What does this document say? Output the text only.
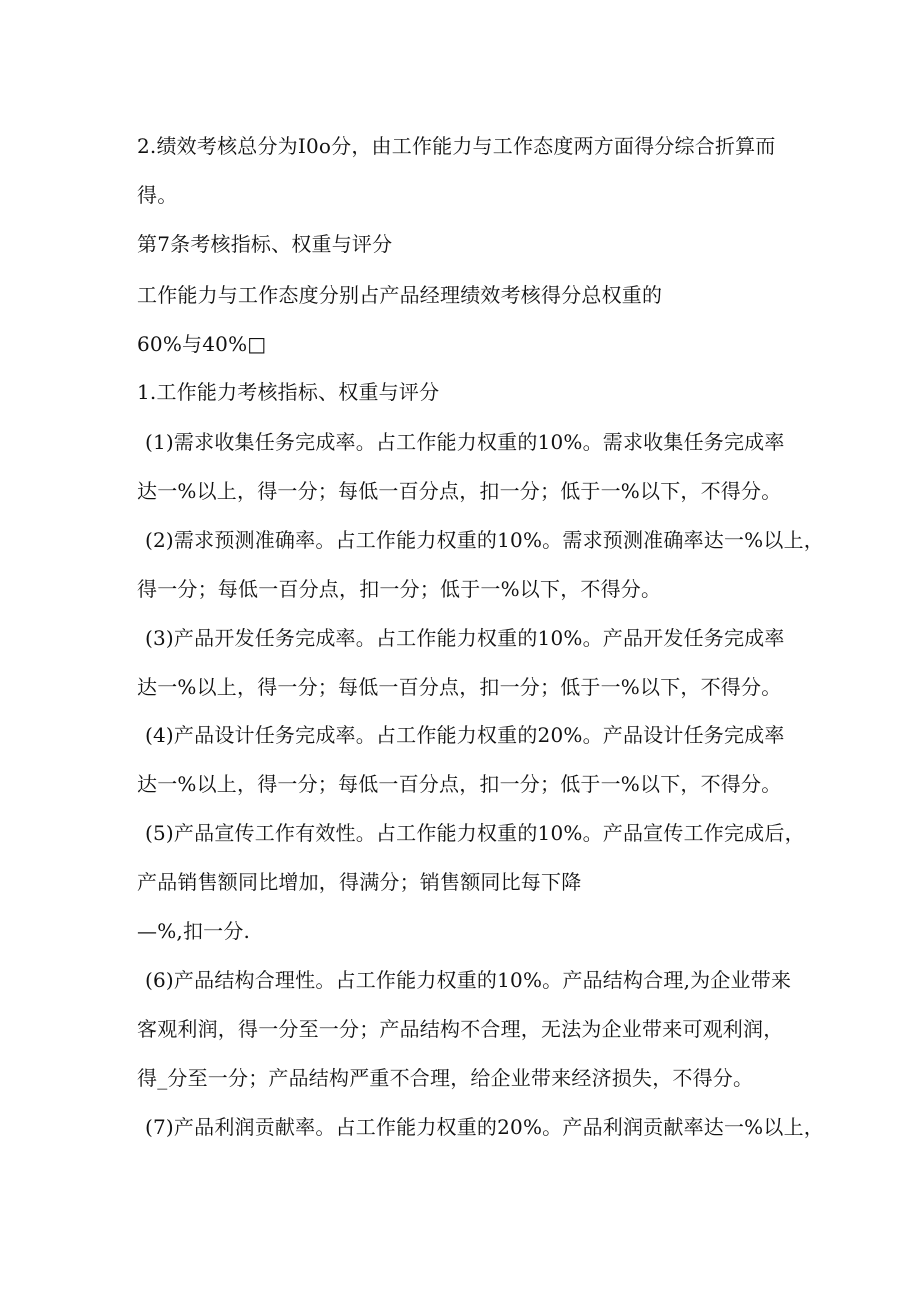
2.绩效考核总分为I0o分，由工作能力与工作态度两方面得分综合折算而
得。
第7条考核指标、权重与评分
工作能力与工作态度分别占产品经理绩效考核得分总权重的
60%与40%□
1.工作能力考核指标、权重与评分
(1)需求收集任务完成率。占工作能力权重的10%。需求收集任务完成率
达一%以上，得一分；每低一百分点，扣一分；低于一%以下，不得分。
(2)需求预测准确率。占工作能力权重的10%。需求预测准确率达一%以上，
得一分；每低一百分点，扣一分；低于一%以下，不得分。
(3)产品开发任务完成率。占工作能力权重的10%。产品开发任务完成率
达一%以上，得一分；每低一百分点，扣一分；低于一%以下，不得分。
(4)产品设计任务完成率。占工作能力权重的20%。产品设计任务完成率
达一%以上，得一分；每低一百分点，扣一分；低于一%以下，不得分。
(5)产品宣传工作有效性。占工作能力权重的10%。产品宣传工作完成后，
产品销售额同比增加，得满分；销售额同比每下降
—%,扣一分.
(6)产品结构合理性。占工作能力权重的10%。产品结构合理,为企业带来
客观利润，得一分至一分；产品结构不合理，无法为企业带来可观利润，
得_分至一分；产品结构严重不合理，给企业带来经济损失，不得分。
(7)产品利润贡献率。占工作能力权重的20%。产品利润贡献率达一%以上，
